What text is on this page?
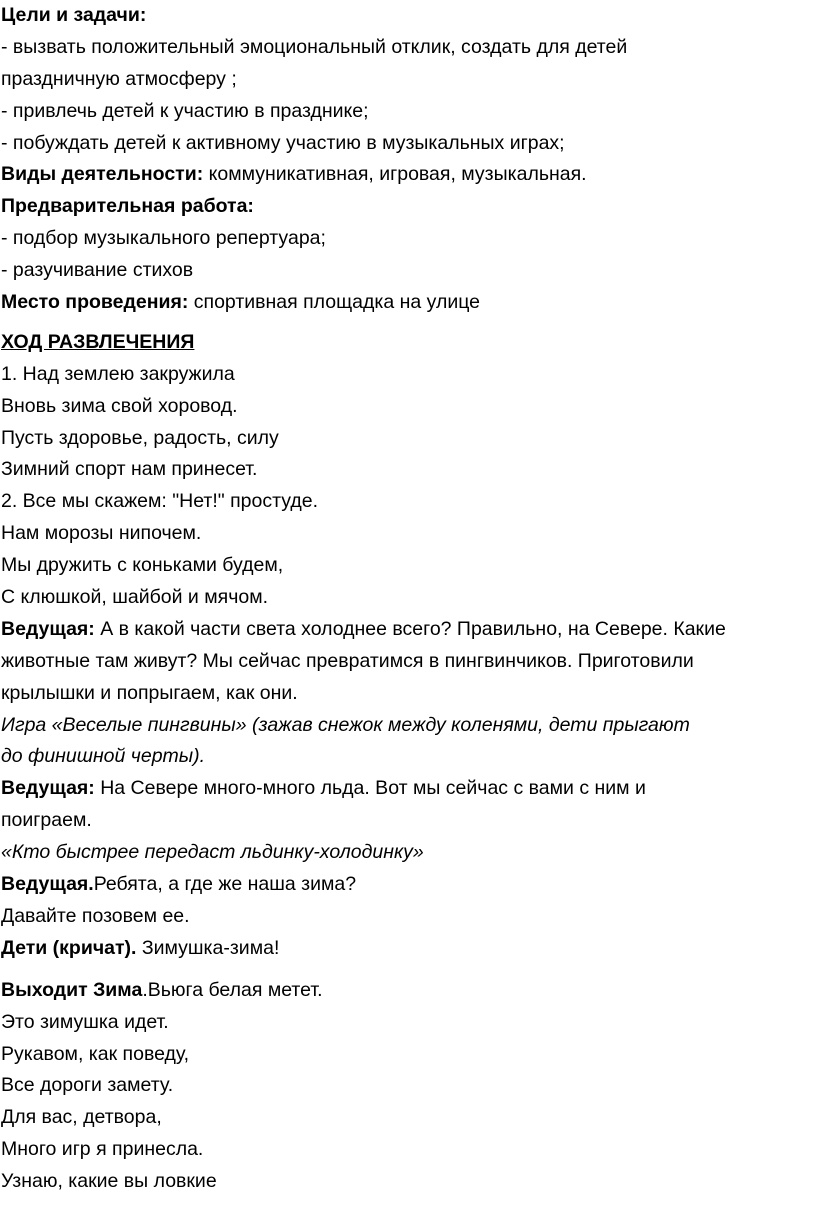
Цели и задачи:
- вызвать положительный эмоциональный отклик, создать для детей
праздничную атмосферу ;
- привлечь детей к участию в празднике;
- побуждать детей к активному участию в музыкальных играх;
Виды деятельности: коммуникативная, игровая, музыкальная.
Предварительная работа:
- подбор музыкального репертуара;
- разучивание стихов
Место проведения: спортивная площадка на улице
ХОД РАЗВЛЕЧЕНИЯ
1. Над землею закружила
Вновь зима свой хоровод.
Пусть здоровье, радость, силу
Зимний спорт нам принесет.
2. Все мы скажем: "Нет!" простуде.
Нам морозы нипочем.
Мы дружить с коньками будем,
С клюшкой, шайбой и мячом.
Ведущая: А в какой части света холоднее всего? Правильно, на Севере. Какие
животные там живут? Мы сейчас превратимся в пингвинчиков. Приготовили
крылышки и попрыгаем, как они.
Игра «Веселые пингвины» (зажав снежок между коленями, дети прыгают
до финишной черты).
Ведущая: На Севере много-много льда. Вот мы сейчас с вами с ним и
поиграем.
«Кто быстрее передаст льдинку-холодинку»
Ведущая.Ребята, а где же наша зима?
Давайте позовем ее.
Дети (кричат). Зимушка-зима!
Выходит Зима.Вьюга белая метет.
Это зимушка идет.
Рукавом, как поведу,
Все дороги замету.
Для вас, детвора,
Много игр я принесла.
Узнаю, какие вы ловкие
